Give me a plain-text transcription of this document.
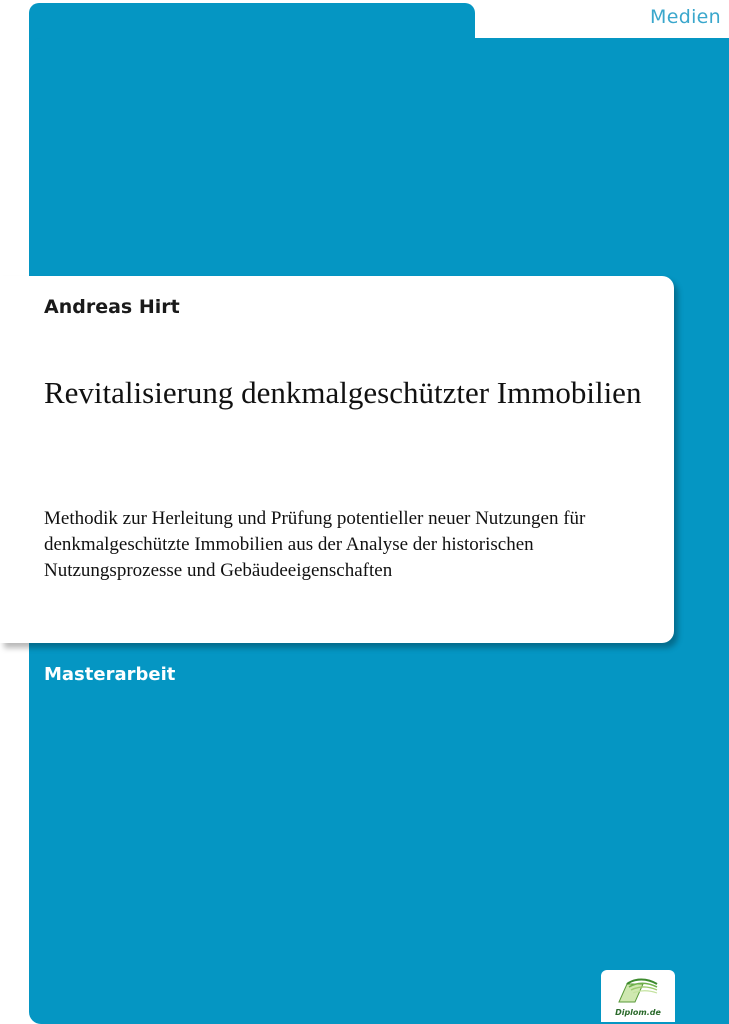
Medien
Andreas Hirt
Revitalisierung denkmalgeschützter Immobilien
Methodik zur Herleitung und Prüfung potentieller neuer Nutzungen für denkmalgeschützte Immobilien aus der Analyse der historischen Nutzungsprozesse und Gebäudeeigenschaften
Masterarbeit
Diplom.de
